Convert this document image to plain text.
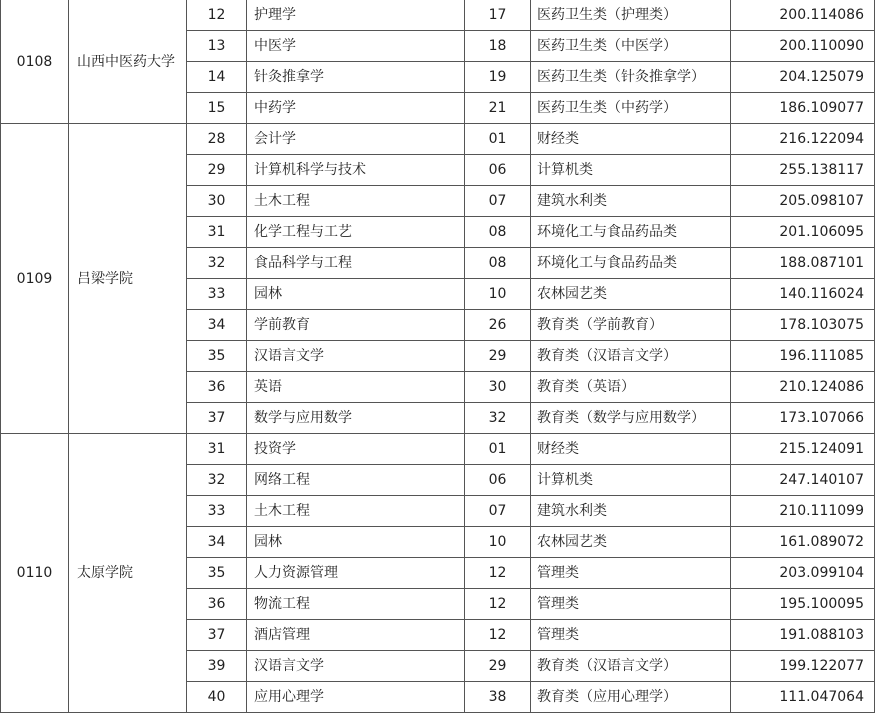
0108	山西中医药大学	12	护理学	17	医药卫生类（护理类）	200.114086
		13	中医学	18	医药卫生类（中医学）	200.110090
		14	针灸推拿学	19	医药卫生类（针灸推拿学）	204.125079
		15	中药学	21	医药卫生类（中药学）	186.109077
0109	吕梁学院	28	会计学	01	财经类	216.122094
		29	计算机科学与技术	06	计算机类	255.138117
		30	土木工程	07	建筑水利类	205.098107
		31	化学工程与工艺	08	环境化工与食品药品类	201.106095
		32	食品科学与工程	08	环境化工与食品药品类	188.087101
		33	园林	10	农林园艺类	140.116024
		34	学前教育	26	教育类（学前教育）	178.103075
		35	汉语言文学	29	教育类（汉语言文学）	196.111085
		36	英语	30	教育类（英语）	210.124086
		37	数学与应用数学	32	教育类（数学与应用数学）	173.107066
0110	太原学院	31	投资学	01	财经类	215.124091
		32	网络工程	06	计算机类	247.140107
		33	土木工程	07	建筑水利类	210.111099
		34	园林	10	农林园艺类	161.089072
		35	人力资源管理	12	管理类	203.099104
		36	物流工程	12	管理类	195.100095
		37	酒店管理	12	管理类	191.088103
		39	汉语言文学	29	教育类（汉语言文学）	199.122077
		40	应用心理学	38	教育类（应用心理学）	111.047064
